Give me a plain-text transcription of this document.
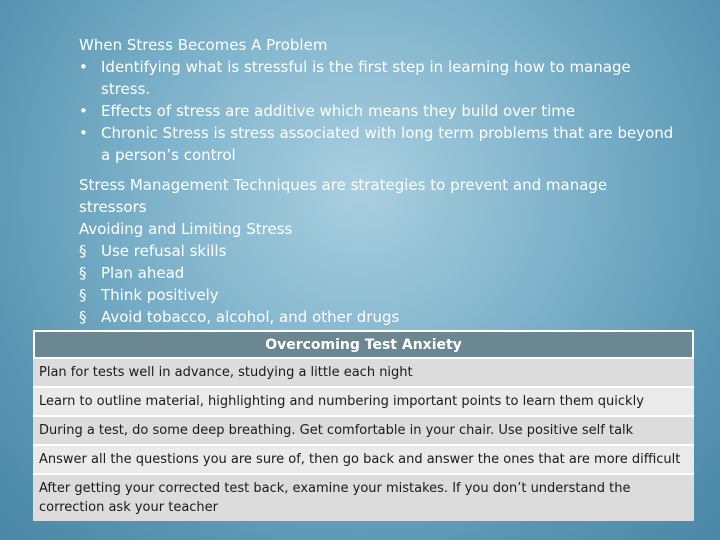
When Stress Becomes A Problem
• Identifying what is stressful is the first step in learning how to manage stress.
• Effects of stress are additive which means they build over time
• Chronic Stress is stress associated with long term problems that are beyond a person’s control
Stress Management Techniques are strategies to prevent and manage stressors
Avoiding and Limiting Stress
§ Use refusal skills
§ Plan ahead
§ Think positively
§ Avoid tobacco, alcohol, and other drugs
Overcoming Test Anxiety
Plan for tests well in advance, studying a little each night
Learn to outline material, highlighting and numbering important points to learn them quickly
During a test, do some deep breathing. Get comfortable in your chair. Use positive self talk
Answer all the questions you are sure of, then go back and answer the ones that are more difficult
After getting your corrected test back, examine your mistakes. If you don’t understand the correction ask your teacher
